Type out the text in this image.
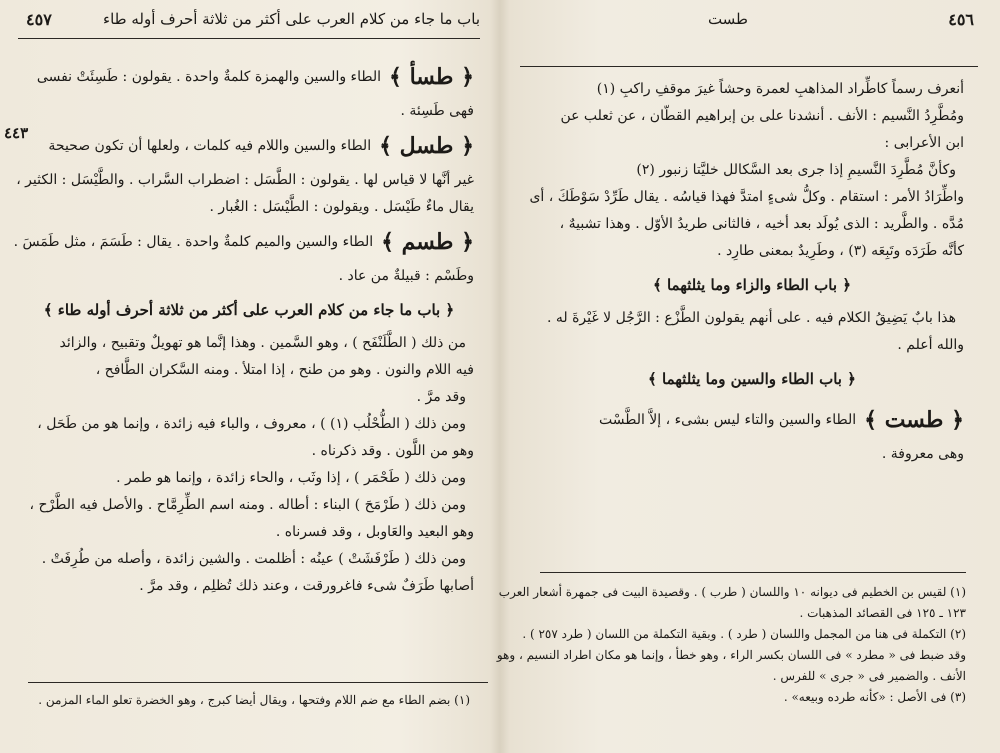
٤٥٧	باب ما جاء من كلام العرب على أكثر من ثلاثة أحرف أوله طاء
٤٤٣
﴿ طسأ ﴾
الطاء والسين والهمزة كلمةٌ واحدة . يقولون : طَسِئَتْ نفسى
فهى طَسِئة .
﴿ طسل ﴾
الطاء والسين واللام فيه كلمات ، ولعلها أن تكون صحيحة
غير أنَّها لا قياس لها . يقولون : الطَّسَل : اضطراب السَّراب . والطَّيْسَل : الكثير ،
يقال ماءٌ طَيْسَل . ويقولون : الطَّيْسَل : الغُبار .
﴿ طسم ﴾
الطاء والسين والميم كلمةٌ واحدة . يقال : طَسَمَ ، مثل طَمَسَ .
وطَسْم : قبيلةٌ من عاد .
﴿ باب ما جاء من كلام العرب على أكثر من ثلاثة أحرف أوله طاء ﴾
من ذلك ( الطَّلَنْفَح ) ، وهو السَّمين . وهذا إنَّما هو تهويلٌ وتقبيح ، والزائد
فيه اللام والنون . وهو من طنح ، إذا امتلأ . ومنه السَّكران الطَّافح ،
وقد مرَّ .
ومن ذلك ( الطُّحْلُب (١) ) ، معروف ، والباء فيه زائدة ، وإنما هو من طَحَل ،
وهو من اللَّون . وقد ذكرناه .
ومن ذلك ( طَحْمَر ) ، إذا وثَب ، والحاء زائدة ، وإنما هو طمر .
ومن ذلك ( طَرْمَحَ ) البناء : أطاله . ومنه اسم الطِّرِمَّاح . والأصل فيه الطَّرْح ،
وهو البعيد والعَاوبل ، وقد فسرناه .
ومن ذلك ( طَرْفَشَتْ ) عينُه : أظلمت . والشين زائدة ، وأصله من طُرِفَتْ .
أصابها طَرَفٌ شىء فاغرورقت ، وعند ذلك تُظلِم ، وقد مرَّ .
(١) بضم الطاء مع ضم اللام وفتحها ، ويقال أيضا كبرج ، وهو الخضرة تعلو الماء المزمن .
٤٥٦
طست
أنعرف رسماً كاطِّراد المذاهبِ لعمرة وحشاً غيرَ موقفِ راكبِ (١)
ومُطَّرِدُ النَّسيم : الأنف . أنشدنا على بن إبراهيم القطّان ، عن ثعلب عن
ابن الأعرابى :
وكأنَّ مُطَّرِدَ النَّسيمِ إذا جرى بعد السَّكالل خليَّتا زنبور (٢)
واطِّرَادُ الأمر : استقام . وكلُّ شىءٍ امتدَّ فهذا قياسُه . يقال طَرِّدْ سَوْطَكَ ، أى
مُدَّه . والطَّريد : الذى يُولَد بعد أخيه ، فالثانى طريدُ الأوّل . وهذا تشبيهٌ ،
كأنَّه طَرَدَه وتَبِعَه (٣) ، وطَرِيدٌ بمعنى طارِد .
﴿ باب الطاء والزاء وما يثلثهما ﴾
هذا بابٌ يَضِيقُ الكلام فيه . على أنهم يقولون الطَّزْع : الرَّجُل لا غَيْرةَ له .
والله أعلم .
﴿ باب الطاء والسين وما يثلثهما ﴾
﴿ طست ﴾
الطاء والسين والتاء ليس بشىء ، إلاَّ الطَّسْت
وهى معروفة .
(١) لقيس بن الخطيم فى ديوانه ١٠ واللسان ( طرب ) . وقصيدة البيت فى جمهرة أشعار العرب
١٢٣ ـ ١٢٥ فى القصائد المذهبات .
(٢) التكملة فى هنا من المجمل واللسان ( طرد ) . وبقية التكملة من اللسان ( طرد ٢٥٧ ) .
وقد ضبط فى « مطرد » فى اللسان بكسر الراء ، وهو خطأ ، وإنما هو مكان اطراد النسيم ، وهو
الأنف . والضمير فى « جرى » للفرس .
(٣) فى الأصل : «كأنه طرده وبيعه» .
